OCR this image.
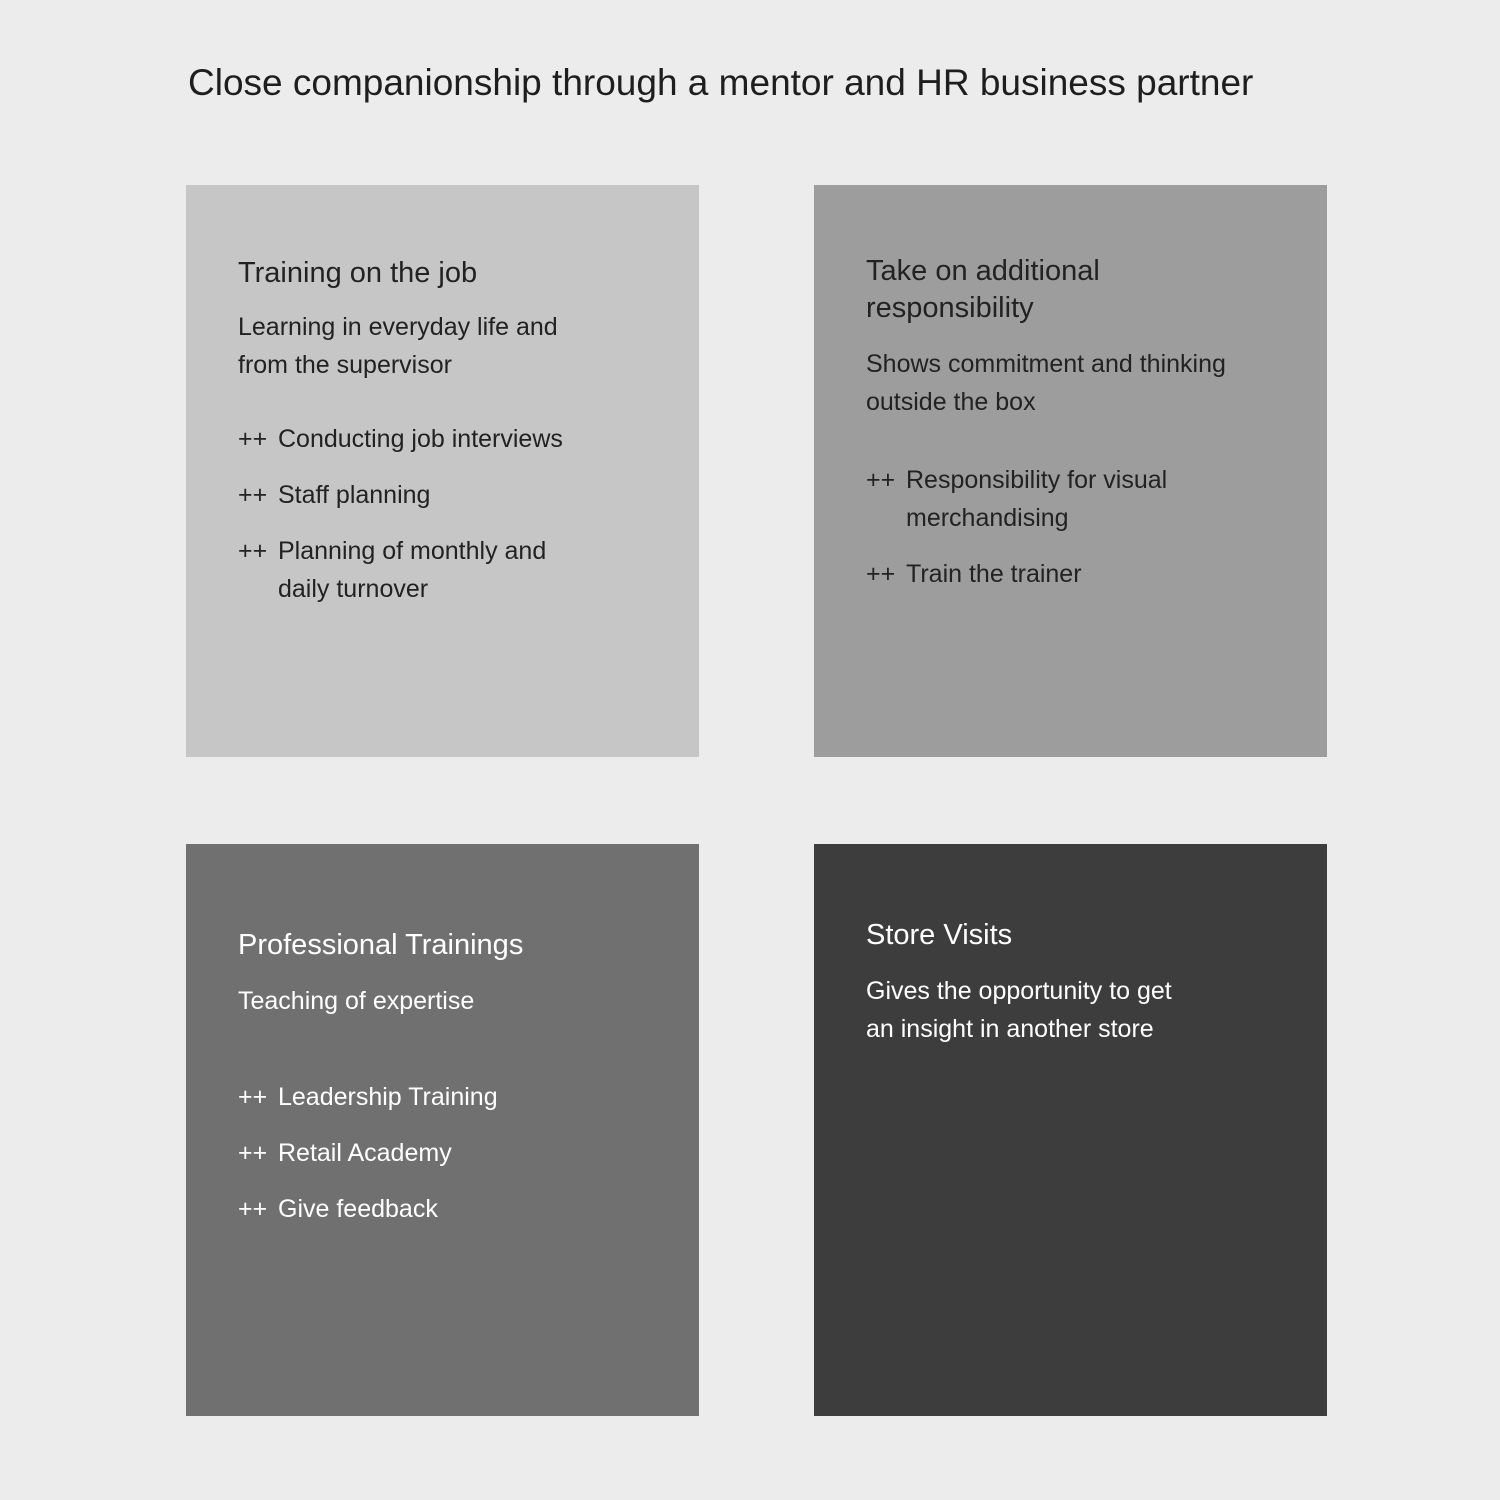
Close companionship through a mentor and HR business partner
Training on the job

Learning in everyday life and from the supervisor

++ Conducting job interviews
++ Staff planning
++ Planning of monthly and daily turnover
Take on additional responsibility

Shows commitment and thinking outside the box

++ Responsibility for visual merchandising
++ Train the trainer
Professional Trainings

Teaching of expertise

++ Leadership Training
++ Retail Academy
++ Give feedback
Store Visits

Gives the opportunity to get an insight in another store
